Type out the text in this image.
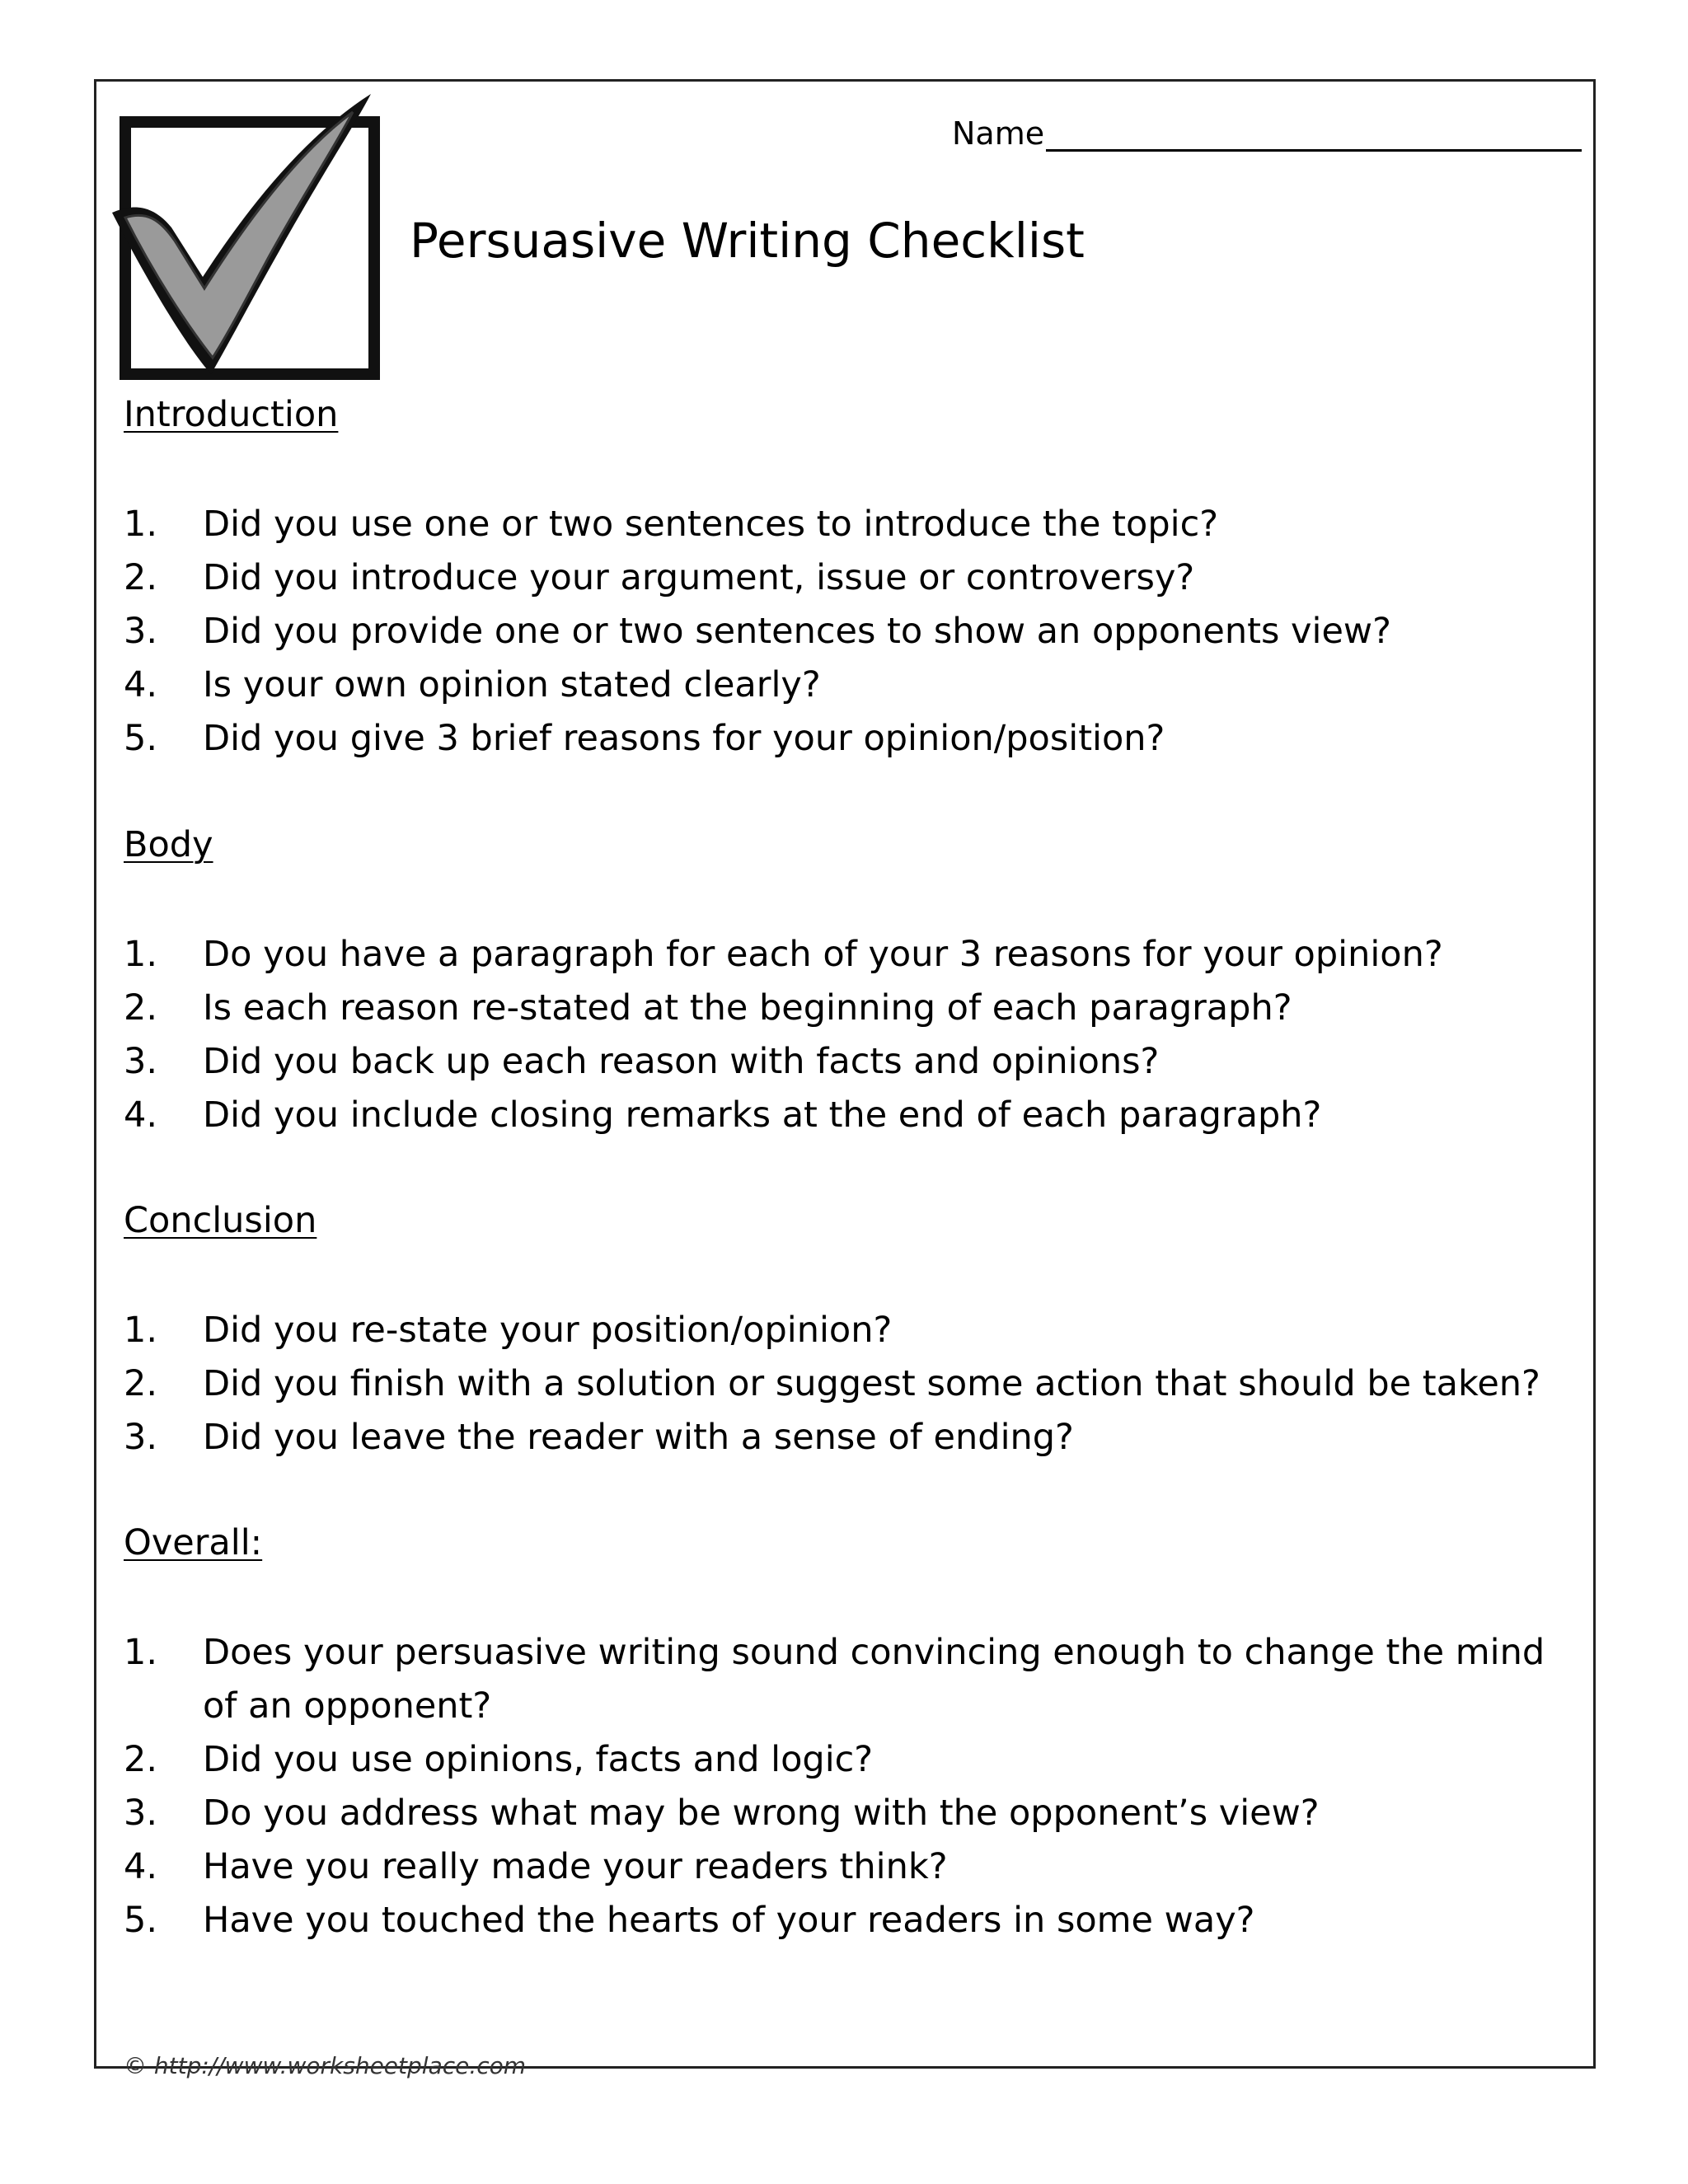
Name
Persuasive Writing Checklist
Introduction
1.	Did you use one or two sentences to introduce the topic?
2.	Did you introduce your argument, issue or controversy?
3.	Did you provide one or two sentences to show an opponents view?
4.	Is your own opinion stated clearly?
5.	Did you give 3 brief reasons for your opinion/position?
Body
1.	Do you have a paragraph for each of your 3 reasons for your opinion?
2.	Is each reason re-stated at the beginning of each paragraph?
3.	Did you back up each reason with facts and opinions?
4.	Did you include closing remarks at the end of each paragraph?
Conclusion
1.	Did you re-state your position/opinion?
2.	Did you finish with a solution or suggest some action that should be taken?
3.	Did you leave the reader with a sense of ending?
Overall:
1.	Does your persuasive writing sound convincing enough to change the mind of an opponent?
2.	Did you use opinions, facts and logic?
3.	Do you address what may be wrong with the opponent’s view?
4.	Have you really made your readers think?
5.	Have you touched the hearts of your readers in some way?
© http://www.worksheetplace.com
